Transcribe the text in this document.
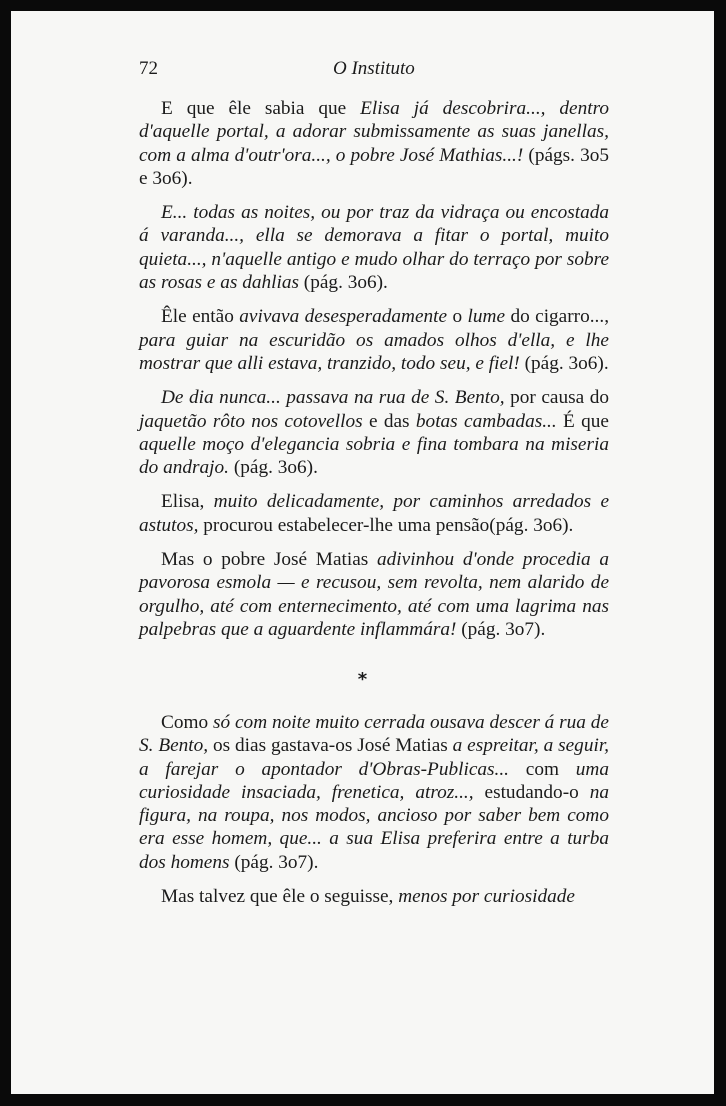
72	O Instituto

E que êle sabia que Elisa já descobrira..., dentro d'aquelle portal, a adorar submissamente as suas janellas, com a alma d'outr'ora..., o pobre José Mathias...! (págs. 3o5 e 3o6).

E... todas as noites, ou por traz da vidraça ou encostada á varanda..., ella se demorava a fitar o portal, muito quieta..., n'aquelle antigo e mudo olhar do terraço por sobre as rosas e as dahlias (pág. 3o6).

Êle então avivava desesperadamente o lume do cigarro..., para guiar na escuridão os amados olhos d'ella, e lhe mostrar que alli estava, tranzido, todo seu, e fiel! (pág. 3o6).

De dia nunca... passava na rua de S. Bento, por causa do jaquetão rôto nos cotovellos e das botas cambadas... É que aquelle moço d'elegancia sobria e fina tombara na miseria do andrajo. (pág. 3o6).

Elisa, muito delicadamente, por caminhos arredados e astutos, procurou estabelecer-lhe uma pensão(pág. 3o6).

Mas o pobre José Matias adivinhou d'onde procedia a pavorosa esmola — e recusou, sem revolta, nem alarido de orgulho, até com enternecimento, até com uma lagrima nas palpebras que a aguardente inflammára! (pág. 3o7).

*

Como só com noite muito cerrada ousava descer á rua de S. Bento, os dias gastava-os José Matias a espreitar, a seguir, a farejar o apontador d'Obras-Publicas... com uma curiosidade insaciada, frenetica, atroz..., estudando-o na figura, na roupa, nos modos, ancioso por saber bem como era esse homem, que... a sua Elisa preferira entre a turba dos homens (pág. 3o7).

Mas talvez que êle o seguisse, menos por curiosidade
